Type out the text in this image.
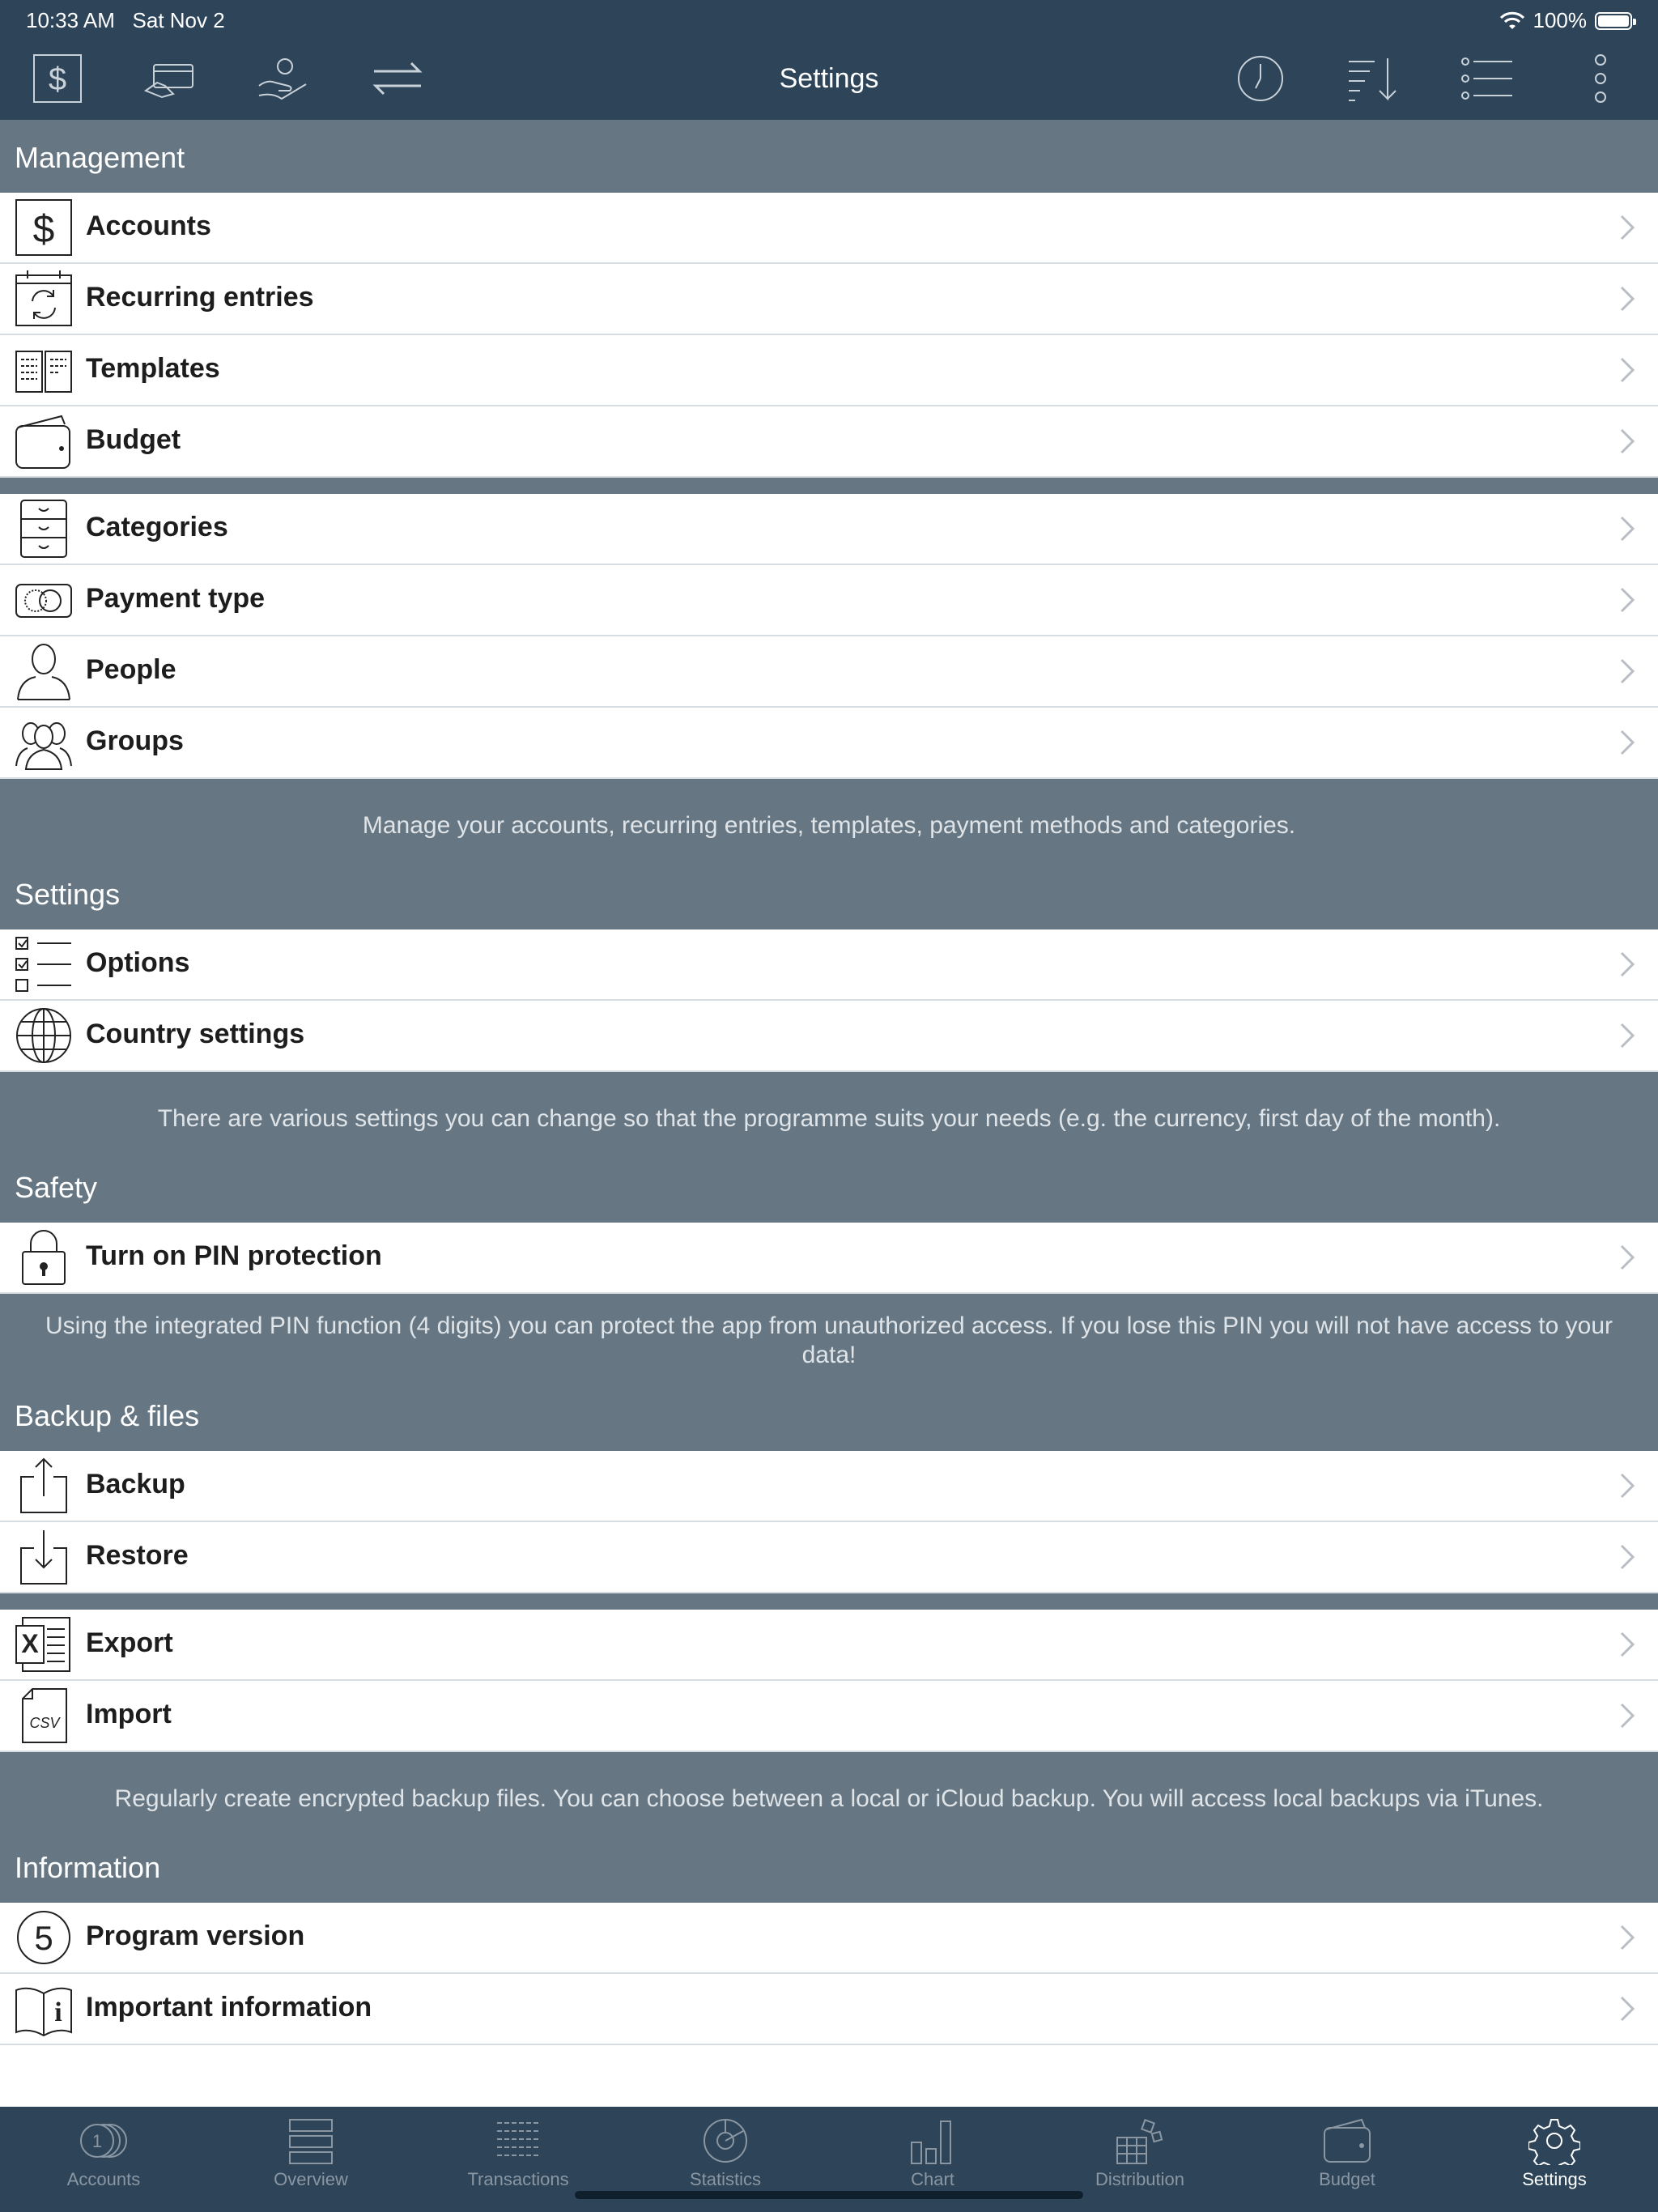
10:33 AM Sat Nov 2	100%
$	Settings
Management
$ Accounts
Recurring entries
Templates
Budget
Categories
Payment type
People
Groups
Manage your accounts, recurring entries, templates, payment methods and categories.
Settings
Options
Country settings
There are various settings you can change so that the programme suits your needs (e.g. the currency, first day of the month).
Safety
Turn on PIN protection
Using the integrated PIN function (4 digits) you can protect the app from unauthorized access. If you lose this PIN you will not have access to your data!
Backup & files
Backup
Restore
X Export
CSV Import
Regularly create encrypted backup files. You can choose between a local or iCloud backup. You will access local backups via iTunes.
Information
5 Program version
i Important information
1
Accounts	Overview	Transactions	Statistics	Chart	Distribution	Budget	Settings
